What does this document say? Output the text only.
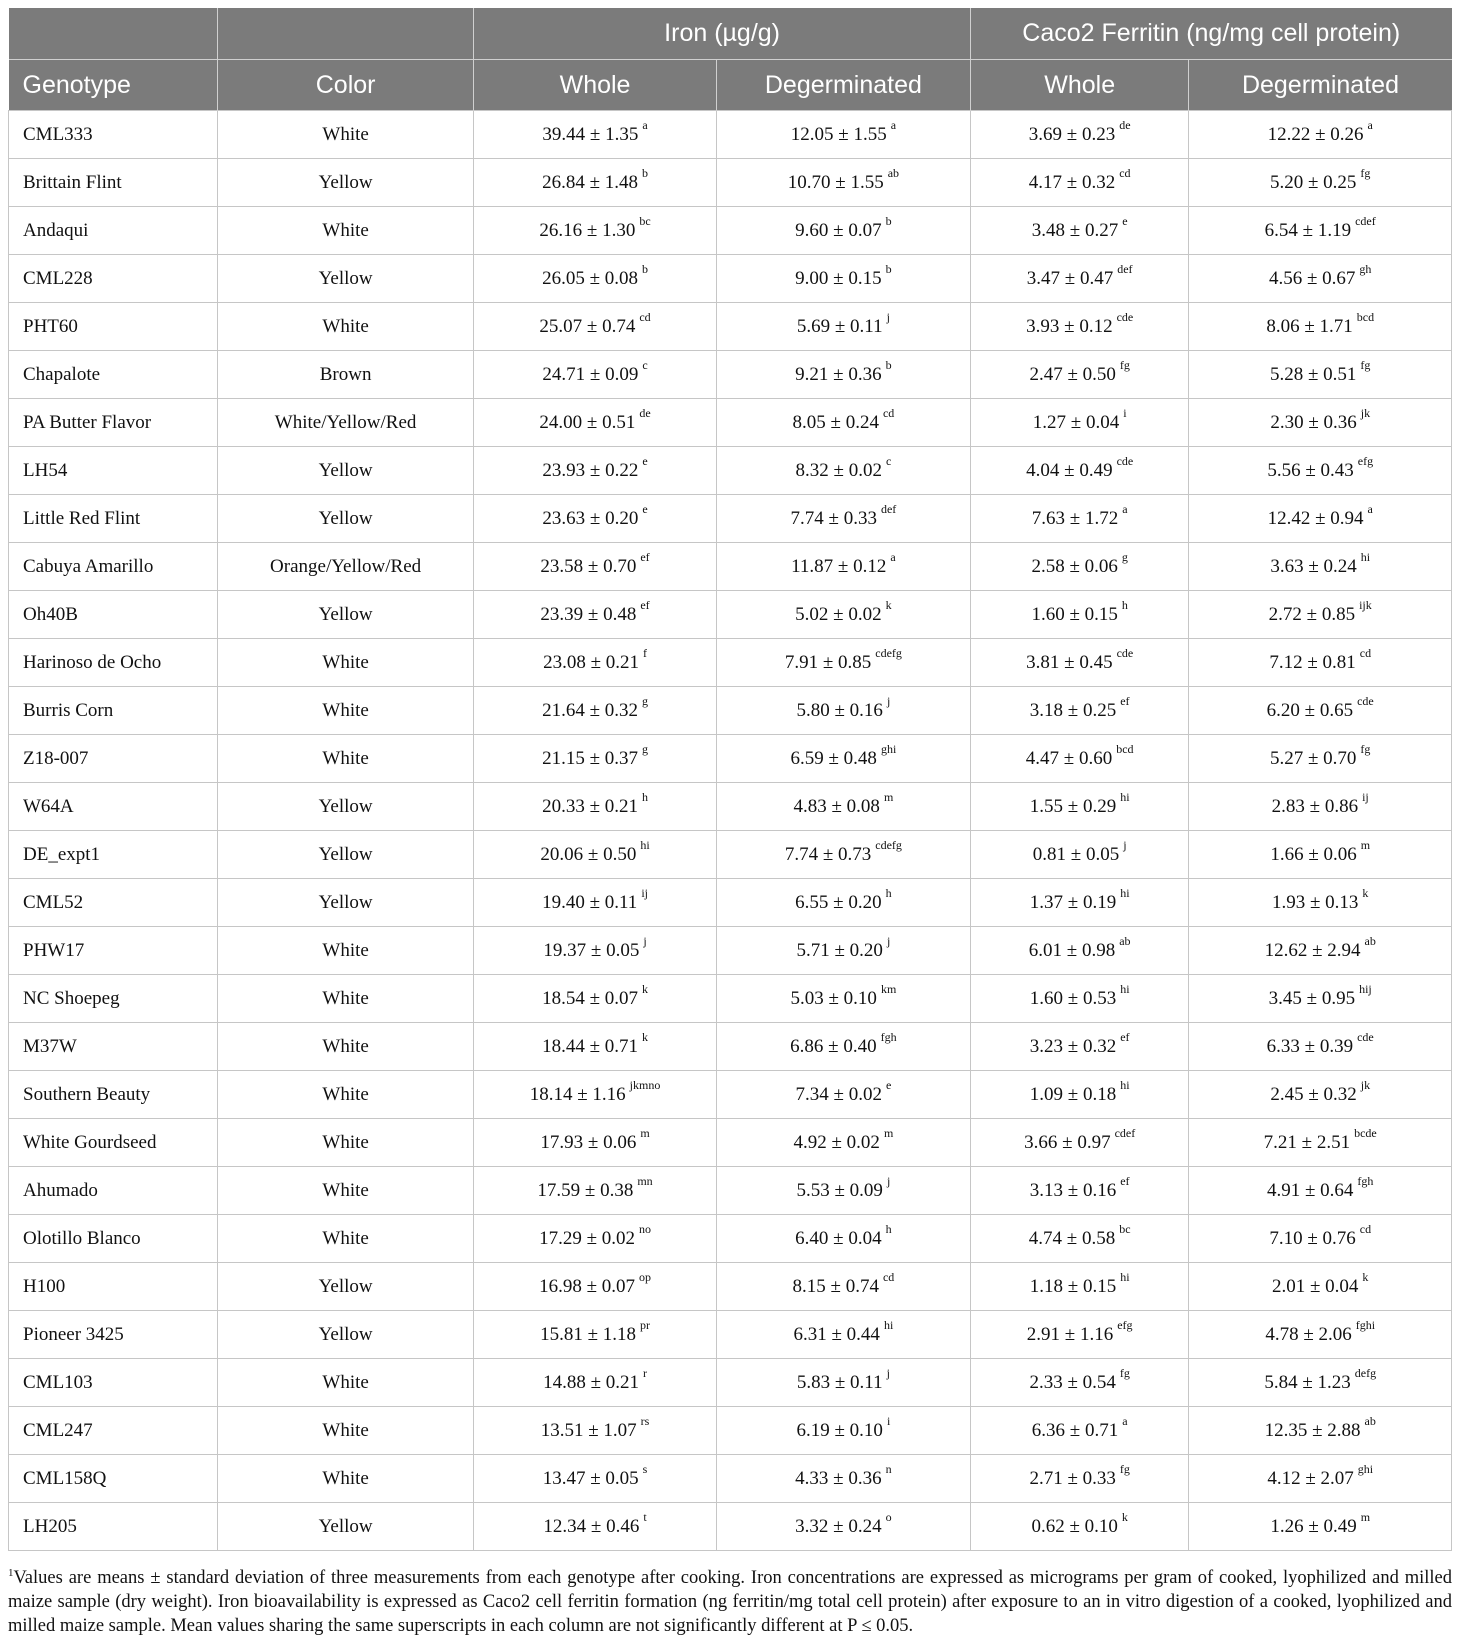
		Iron (µg/g)		Caco2 Ferritin (ng/mg cell protein)	
Genotype	Color	Whole	Degerminated	Whole	Degerminated
CML333	White	39.44 ± 1.35 $^a$	12.05 ± 1.55 $^a$	3.69 ± 0.23 $^{de}$	12.22 ± 0.26 $^a$
Brittain Flint	Yellow	26.84 ± 1.48 $^b$	10.70 ± 1.55 $^{ab}$	4.17 ± 0.32 $^{cd}$	5.20 ± 0.25 $^{fg}$
Andaqui	White	26.16 ± 1.30 $^{bc}$	9.60 ± 0.07 $^b$	3.48 ± 0.27 $^e$	6.54 ± 1.19 $^{cdef}$
CML228	Yellow	26.05 ± 0.08 $^b$	9.00 ± 0.15 $^b$	3.47 ± 0.47 $^{def}$	4.56 ± 0.67 $^{gh}$
PHT60	White	25.07 ± 0.74 $^{cd}$	5.69 ± 0.11 $^j$	3.93 ± 0.12 $^{cde}$	8.06 ± 1.71 $^{bcd}$
Chapalote	Brown	24.71 ± 0.09 $^c$	9.21 ± 0.36 $^b$	2.47 ± 0.50 $^{fg}$	5.28 ± 0.51 $^{fg}$
PA Butter Flavor	White/Yellow/Red	24.00 ± 0.51 $^{de}$	8.05 ± 0.24 $^{cd}$	1.27 ± 0.04 $^i$	2.30 ± 0.36 $^{jk}$
LH54	Yellow	23.93 ± 0.22 $^e$	8.32 ± 0.02 $^c$	4.04 ± 0.49 $^{cde}$	5.56 ± 0.43 $^{efg}$
Little Red Flint	Yellow	23.63 ± 0.20 $^e$	7.74 ± 0.33 $^{def}$	7.63 ± 1.72 $^a$	12.42 ± 0.94 $^a$
Cabuya Amarillo	Orange/Yellow/Red	23.58 ± 0.70 $^{ef}$	11.87 ± 0.12 $^a$	2.58 ± 0.06 $^g$	3.63 ± 0.24 $^{hi}$
Oh40B	Yellow	23.39 ± 0.48 $^{ef}$	5.02 ± 0.02 $^k$	1.60 ± 0.15 $^h$	2.72 ± 0.85 $^{ijk}$
Harinoso de Ocho	White	23.08 ± 0.21 $^f$	7.91 ± 0.85 $^{cdefg}$	3.81 ± 0.45 $^{cde}$	7.12 ± 0.81 $^{cd}$
Burris Corn	White	21.64 ± 0.32 $^g$	5.80 ± 0.16 $^j$	3.18 ± 0.25 $^{ef}$	6.20 ± 0.65 $^{cde}$
Z18-007	White	21.15 ± 0.37 $^g$	6.59 ± 0.48 $^{ghi}$	4.47 ± 0.60 $^{bcd}$	5.27 ± 0.70 $^{fg}$
W64A	Yellow	20.33 ± 0.21 $^h$	4.83 ± 0.08 $^m$	1.55 ± 0.29 $^{hi}$	2.83 ± 0.86 $^{ij}$
DE_expt1	Yellow	20.06 ± 0.50 $^{hi}$	7.74 ± 0.73 $^{cdefg}$	0.81 ± 0.05 $^j$	1.66 ± 0.06 $^m$
CML52	Yellow	19.40 ± 0.11 $^{ij}$	6.55 ± 0.20 $^h$	1.37 ± 0.19 $^{hi}$	1.93 ± 0.13 $^k$
PHW17	White	19.37 ± 0.05 $^j$	5.71 ± 0.20 $^j$	6.01 ± 0.98 $^{ab}$	12.62 ± 2.94 $^{ab}$
NC Shoepeg	White	18.54 ± 0.07 $^k$	5.03 ± 0.10 $^{km}$	1.60 ± 0.53 $^{hi}$	3.45 ± 0.95 $^{hij}$
M37W	White	18.44 ± 0.71 $^k$	6.86 ± 0.40 $^{fgh}$	3.23 ± 0.32 $^{ef}$	6.33 ± 0.39 $^{cde}$
Southern Beauty	White	18.14 ± 1.16 $^{jkmno}$	7.34 ± 0.02 $^e$	1.09 ± 0.18 $^{hi}$	2.45 ± 0.32 $^{jk}$
White Gourdseed	White	17.93 ± 0.06 $^m$	4.92 ± 0.02 $^m$	3.66 ± 0.97 $^{cdef}$	7.21 ± 2.51 $^{bcde}$
Ahumado	White	17.59 ± 0.38 $^{mn}$	5.53 ± 0.09 $^j$	3.13 ± 0.16 $^{ef}$	4.91 ± 0.64 $^{fgh}$
Olotillo Blanco	White	17.29 ± 0.02 $^{no}$	6.40 ± 0.04 $^h$	4.74 ± 0.58 $^{bc}$	7.10 ± 0.76 $^{cd}$
H100	Yellow	16.98 ± 0.07 $^{op}$	8.15 ± 0.74 $^{cd}$	1.18 ± 0.15 $^{hi}$	2.01 ± 0.04 $^k$
Pioneer 3425	Yellow	15.81 ± 1.18 $^{pr}$	6.31 ± 0.44 $^{hi}$	2.91 ± 1.16 $^{efg}$	4.78 ± 2.06 $^{fghi}$
CML103	White	14.88 ± 0.21 $^r$	5.83 ± 0.11 $^j$	2.33 ± 0.54 $^{fg}$	5.84 ± 1.23 $^{defg}$
CML247	White	13.51 ± 1.07 $^{rs}$	6.19 ± 0.10 $^i$	6.36 ± 0.71 $^a$	12.35 ± 2.88 $^{ab}$
CML158Q	White	13.47 ± 0.05 $^s$	4.33 ± 0.36 $^n$	2.71 ± 0.33 $^{fg}$	4.12 ± 2.07 $^{ghi}$
LH205	Yellow	12.34 ± 0.46 $^t$	3.32 ± 0.24 $^o$	0.62 ± 0.10 $^k$	1.26 ± 0.49 $^m$
$^1$Values are means ± standard deviation of three measurements from each genotype after cooking. Iron concentrations are expressed as micrograms per gram of cooked, lyophilized and milled maize sample (dry weight). Iron bioavailability is expressed as Caco2 cell ferritin formation (ng ferritin/mg total cell protein) after exposure to an in vitro digestion of a cooked, lyophilized and milled maize sample. Mean values sharing the same superscripts in each column are not significantly different at P ≤ 0.05.
